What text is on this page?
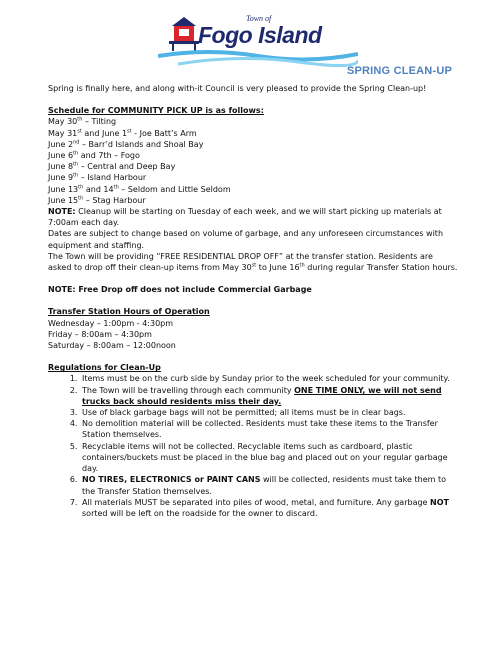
Town of
Fogo Island
SPRING CLEAN-UP

Spring is finally here, and along with-it Council is very pleased to provide the Spring Clean-up!

Schedule for COMMUNITY PICK UP is as follows:

May 30th – Tilting

May 31st and June 1st - Joe Batt’s Arm

June 2nd – Barr’d Islands and Shoal Bay

June 6th and 7th – Fogo

June 8th – Central and Deep Bay

June 9th – Island Harbour

June 13th and 14th – Seldom and Little Seldom

June 15th – Stag Harbour

NOTE: Cleanup will be starting on Tuesday of each week, and we will start picking up materials at 7:00am each day.

Dates are subject to change based on volume of garbage, and any unforeseen circumstances with equipment and staffing.

The Town will be providing “FREE RESIDENTIAL DROP OFF” at the transfer station. Residents are asked to drop off their clean-up items from May 30st to June 16th during regular Transfer Station hours.

NOTE: Free Drop off does not include Commercial Garbage

Transfer Station Hours of Operation

Wednesday – 1:00pm - 4:30pm

Friday – 8:00am – 4:30pm

Saturday – 8:00am – 12:00noon

Regulations for Clean-Up

1. Items must be on the curb side by Sunday prior to the week scheduled for your community.
2. The Town will be travelling through each community ONE TIME ONLY, we will not send trucks back should residents miss their day.
3. Use of black garbage bags will not be permitted; all items must be in clear bags.
4. No demolition material will be collected. Residents must take these items to the Transfer Station themselves.
5. Recyclable items will not be collected. Recyclable items such as cardboard, plastic containers/buckets must be placed in the blue bag and placed out on your regular garbage day.
6. NO TIRES, ELECTRONICS or PAINT CANS will be collected, residents must take them to the Transfer Station themselves.
7. All materials MUST be separated into piles of wood, metal, and furniture. Any garbage NOT sorted will be left on the roadside for the owner to discard.
